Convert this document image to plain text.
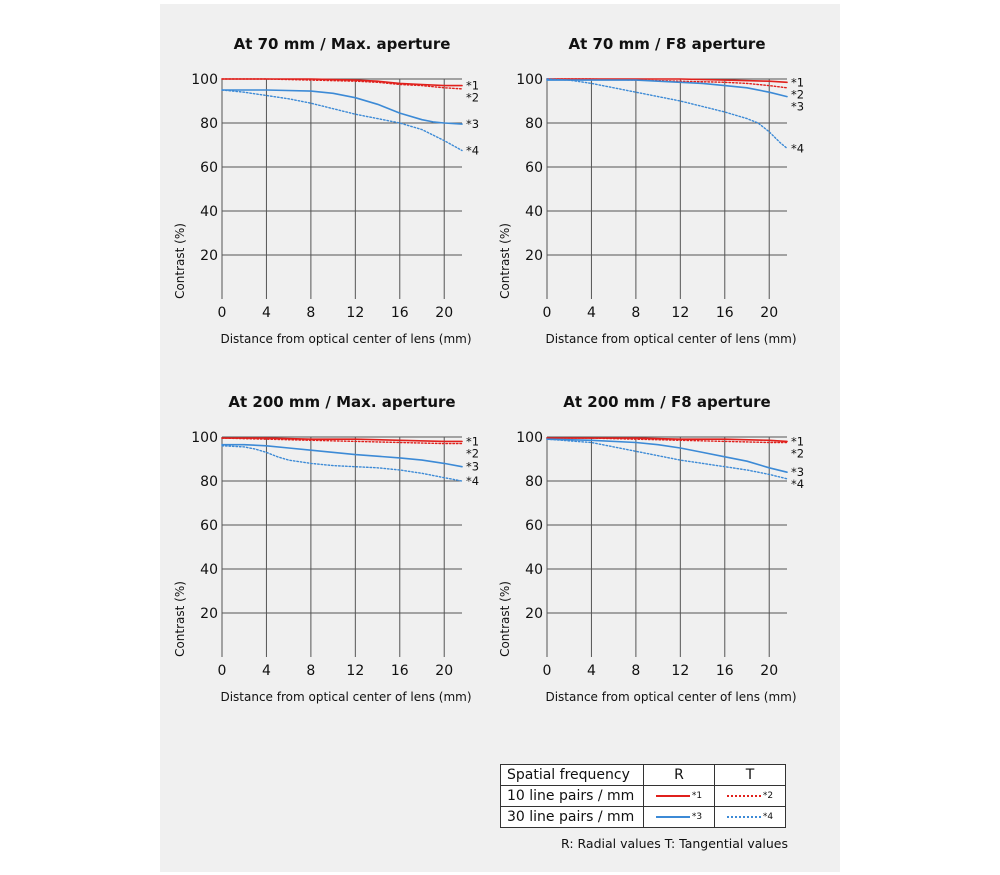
At 70 mm / Max. aperture
20
40
60
80
100
0	4	8 12 16 20
Distance from optical center of lens (mm)
Contrast (%)
*1
*2
*3
*4
At 70 mm / F8 aperture
20
40
60
80
100
0	4	8 12 16 20
Distance from optical center of lens (mm)
Contrast (%)
*1
*2
*3
*4
At 200 mm / Max. aperture
20
40
60
80
100
0	4	8 12 16 20
Distance from optical center of lens (mm)
Contrast (%)
*1
*2
*3
*4
At 200 mm / F8 aperture
20
40
60
80
100
0	4	8 12 16 20
Distance from optical center of lens (mm)
Contrast (%)
*1
*2
*3
*4
Spatial frequency	R	T
10 line pairs / mm	*1	*2
30 line pairs / mm	*3	*4
R: Radial values T: Tangential values
